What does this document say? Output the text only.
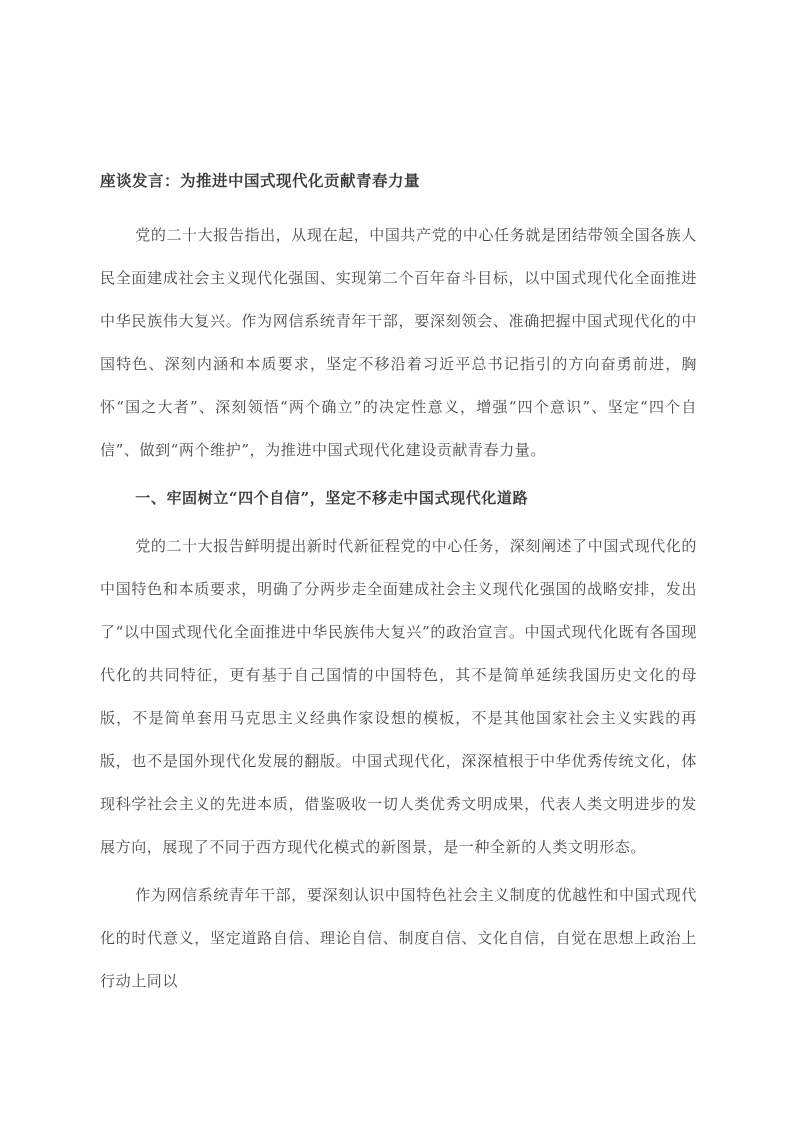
座谈发言：为推进中国式现代化贡献青春力量

党的二十大报告指出，从现在起，中国共产党的中心任务就是团结带领全国各族人民全面建成社会主义现代化强国、实现第二个百年奋斗目标，以中国式现代化全面推进中华民族伟大复兴。作为网信系统青年干部，要深刻领会、准确把握中国式现代化的中国特色、深刻内涵和本质要求，坚定不移沿着习近平总书记指引的方向奋勇前进，胸怀“国之大者”、深刻领悟“两个确立”的决定性意义，增强“四个意识”、坚定“四个自信”、做到“两个维护”，为推进中国式现代化建设贡献青春力量。

一、牢固树立“四个自信”，坚定不移走中国式现代化道路

党的二十大报告鲜明提出新时代新征程党的中心任务，深刻阐述了中国式现代化的中国特色和本质要求，明确了分两步走全面建成社会主义现代化强国的战略安排，发出了“以中国式现代化全面推进中华民族伟大复兴”的政治宣言。中国式现代化既有各国现代化的共同特征，更有基于自己国情的中国特色，其不是简单延续我国历史文化的母版，不是简单套用马克思主义经典作家设想的模板，不是其他国家社会主义实践的再版，也不是国外现代化发展的翻版。中国式现代化，深深植根于中华优秀传统文化，体现科学社会主义的先进本质，借鉴吸收一切人类优秀文明成果，代表人类文明进步的发展方向，展现了不同于西方现代化模式的新图景，是一种全新的人类文明形态。

作为网信系统青年干部，要深刻认识中国特色社会主义制度的优越性和中国式现代化的时代意义，坚定道路自信、理论自信、制度自信、文化自信，自觉在思想上政治上行动上同以
